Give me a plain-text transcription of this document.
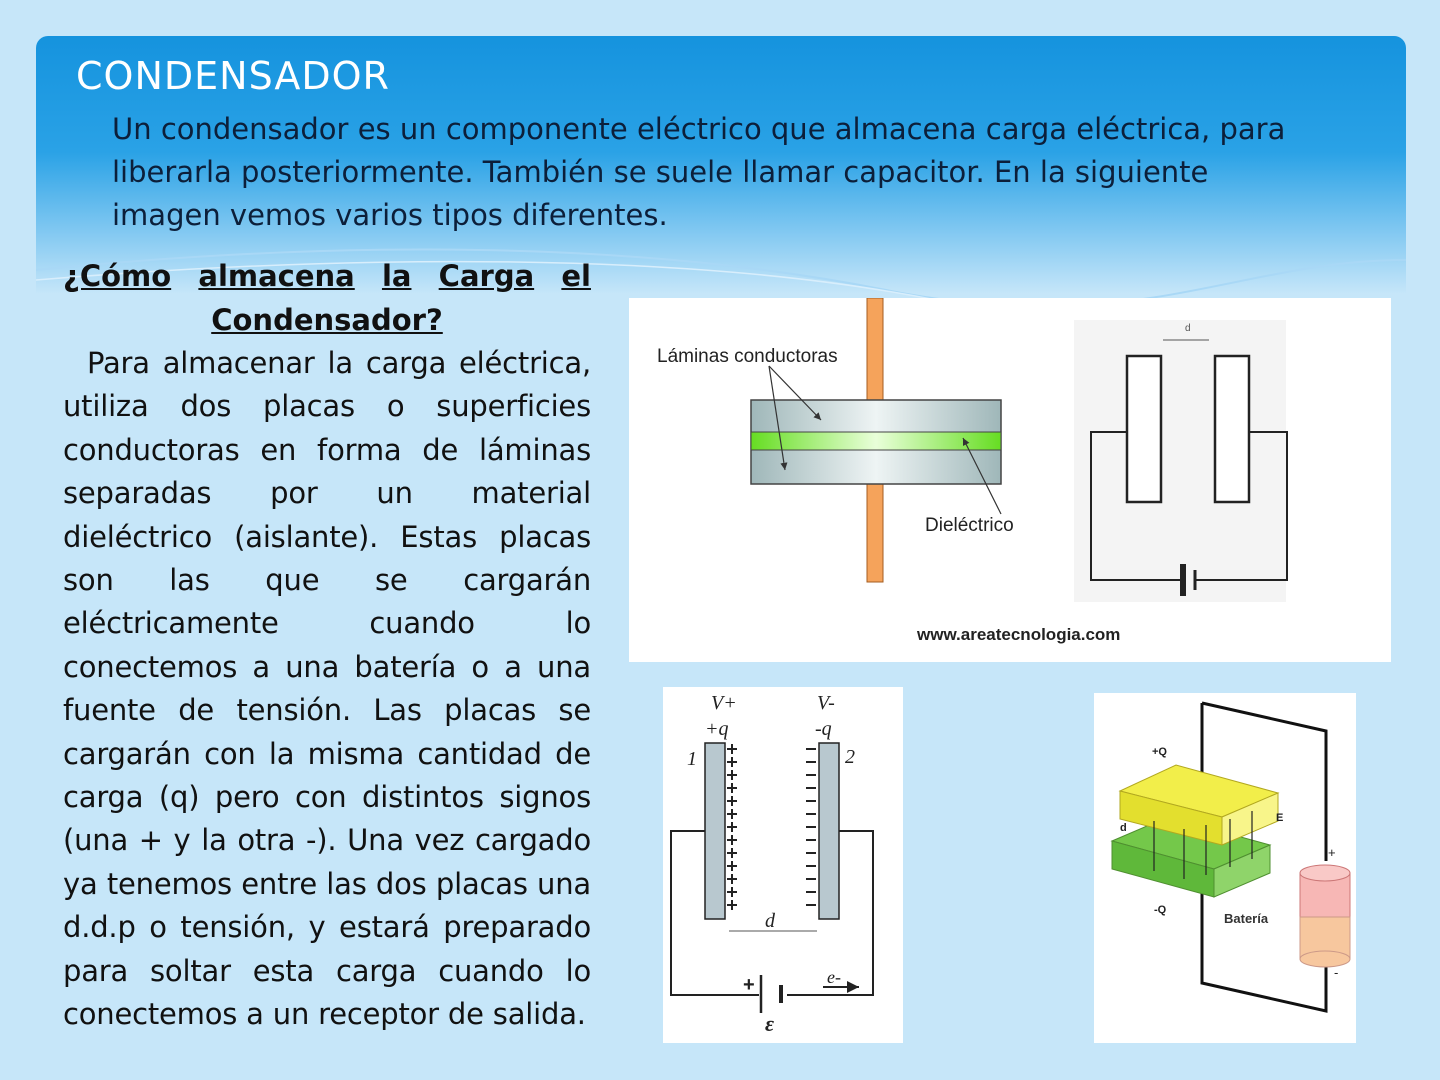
CONDENSADOR

Un condensador es un componente eléctrico que almacena carga eléctrica, para liberarla posteriormente. También se suele llamar capacitor. En la siguiente imagen vemos varios tipos diferentes.

¿Cómo almacena la Carga el
Condensador?

Para almacenar la carga eléctrica, utiliza dos placas o superficies conductoras en forma de láminas separadas por un material dieléctrico (aislante). Estas placas son las que se cargarán eléctricamente cuando lo conectemos a una batería o a una fuente de tensión. Las placas se cargarán con la misma cantidad de carga (q) pero con distintos signos (una + y la otra -). Una vez cargado ya tenemos entre las dos placas una d.d.p o tensión, y estará preparado para soltar esta carga cuando lo conectemos a un receptor de salida.

Láminas conductoras
Dieléctrico
d
www.areatecnologia.com
V+	V-
+q	-q
1	2
d
+	e-
ε
+Q
-Q
d
E
+
-
Batería
